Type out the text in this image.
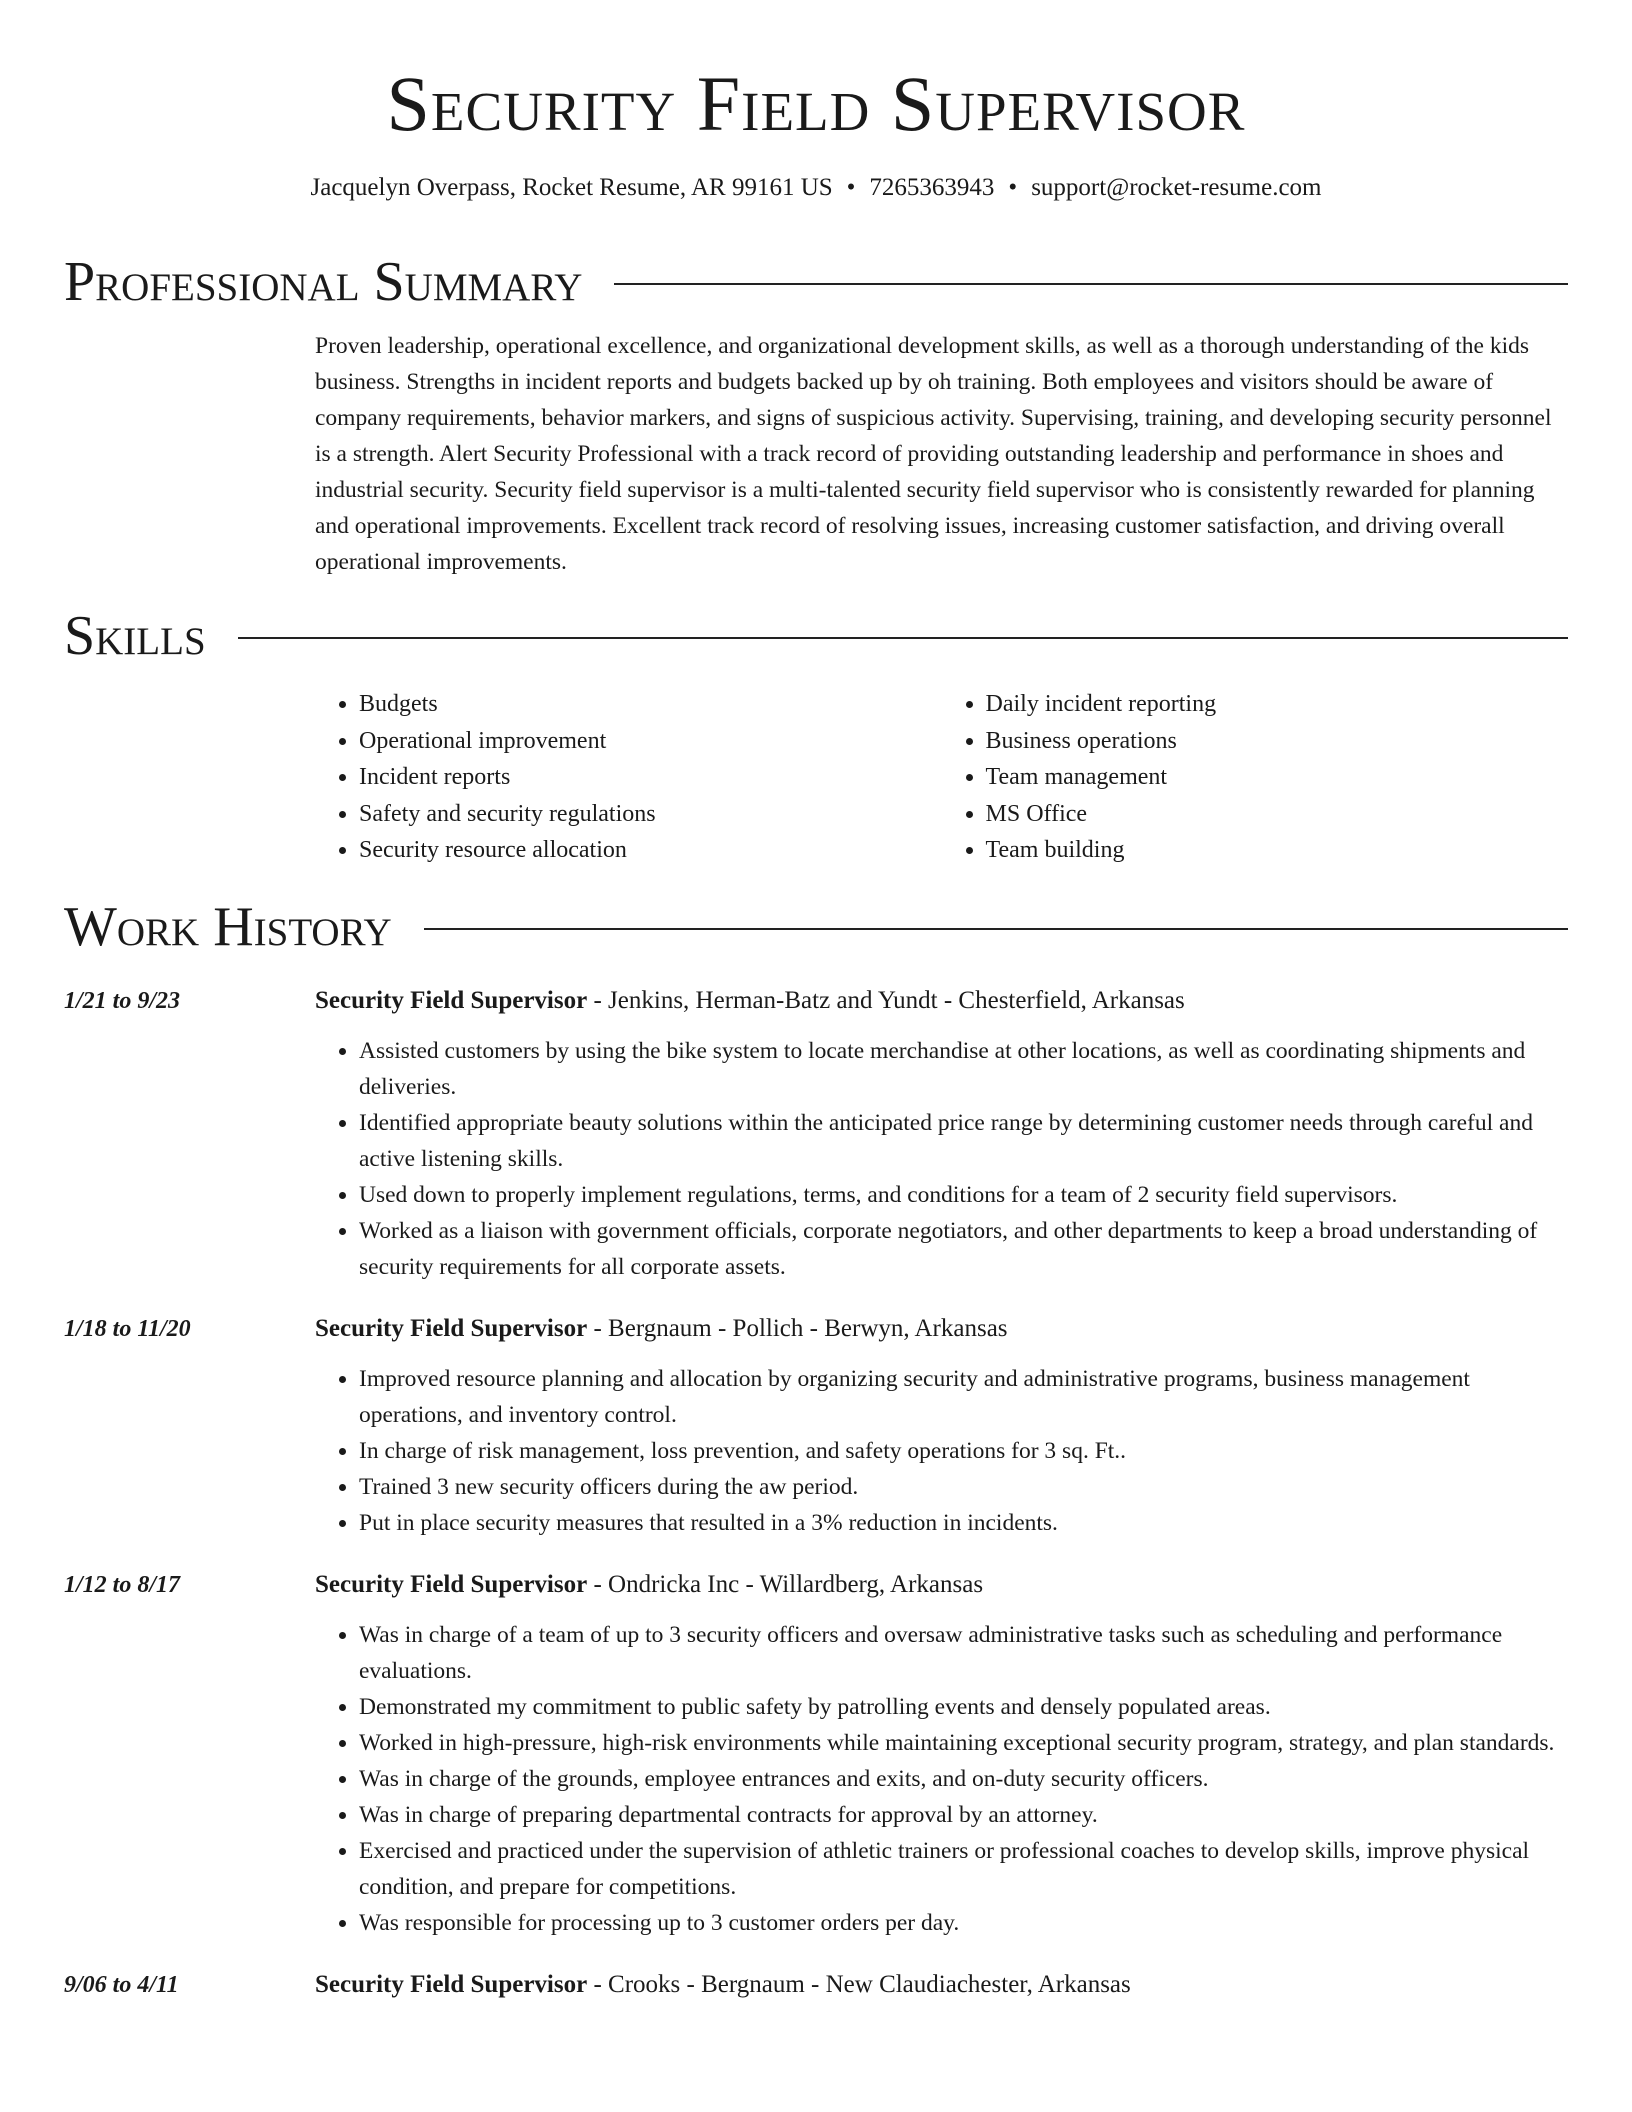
Security Field Supervisor
Jacquelyn Overpass, Rocket Resume, AR 99161 US • 7265363943 • support@rocket-resume.com
Professional Summary
Proven leadership, operational excellence, and organizational development skills, as well as a thorough understanding of the kids business. Strengths in incident reports and budgets backed up by oh training. Both employees and visitors should be aware of company requirements, behavior markers, and signs of suspicious activity. Supervising, training, and developing security personnel is a strength. Alert Security Professional with a track record of providing outstanding leadership and performance in shoes and industrial security. Security field supervisor is a multi-talented security field supervisor who is consistently rewarded for planning and operational improvements. Excellent track record of resolving issues, increasing customer satisfaction, and driving overall operational improvements.
Skills
• Budgets
• Operational improvement
• Incident reports
• Safety and security regulations
• Security resource allocation
• Daily incident reporting
• Business operations
• Team management
• MS Office
• Team building
Work History
1/21 to 9/23	Security Field Supervisor - Jenkins, Herman-Batz and Yundt - Chesterfield, Arkansas
• Assisted customers by using the bike system to locate merchandise at other locations, as well as coordinating shipments and deliveries.
• Identified appropriate beauty solutions within the anticipated price range by determining customer needs through careful and active listening skills.
• Used down to properly implement regulations, terms, and conditions for a team of 2 security field supervisors.
• Worked as a liaison with government officials, corporate negotiators, and other departments to keep a broad understanding of security requirements for all corporate assets.
1/18 to 11/20	Security Field Supervisor - Bergnaum - Pollich - Berwyn, Arkansas
• Improved resource planning and allocation by organizing security and administrative programs, business management operations, and inventory control.
• In charge of risk management, loss prevention, and safety operations for 3 sq. Ft..
• Trained 3 new security officers during the aw period.
• Put in place security measures that resulted in a 3% reduction in incidents.
1/12 to 8/17	Security Field Supervisor - Ondricka Inc - Willardberg, Arkansas
• Was in charge of a team of up to 3 security officers and oversaw administrative tasks such as scheduling and performance evaluations.
• Demonstrated my commitment to public safety by patrolling events and densely populated areas.
• Worked in high-pressure, high-risk environments while maintaining exceptional security program, strategy, and plan standards.
• Was in charge of the grounds, employee entrances and exits, and on-duty security officers.
• Was in charge of preparing departmental contracts for approval by an attorney.
• Exercised and practiced under the supervision of athletic trainers or professional coaches to develop skills, improve physical condition, and prepare for competitions.
• Was responsible for processing up to 3 customer orders per day.
9/06 to 4/11	Security Field Supervisor - Crooks - Bergnaum - New Claudiachester, Arkansas
